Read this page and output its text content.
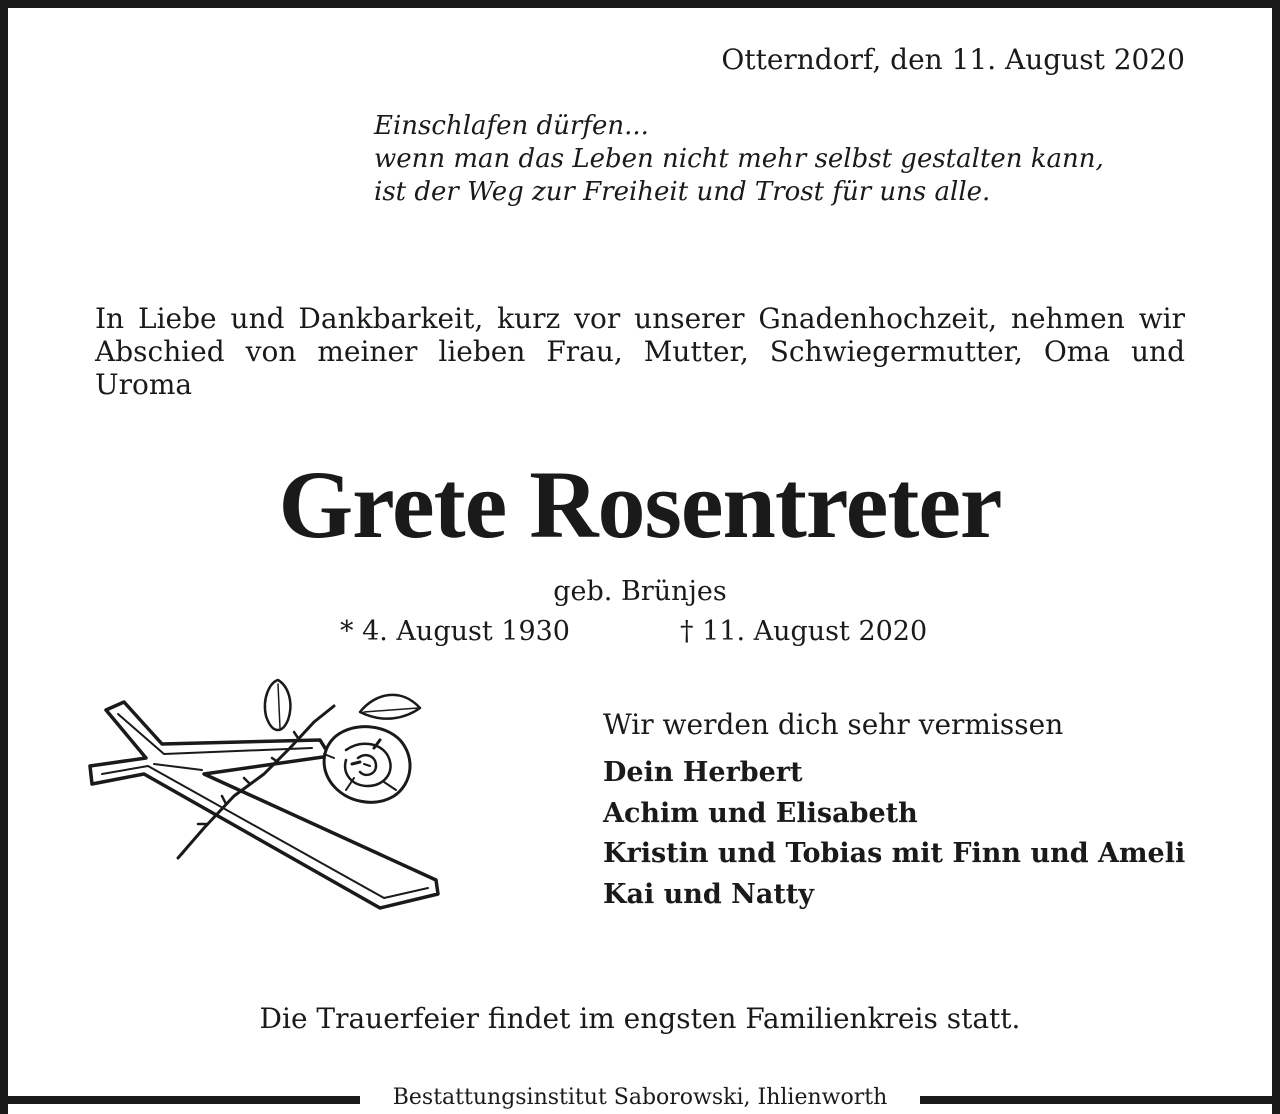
Otterndorf, den 11. August 2020
Einschlafen dürfen...
wenn man das Leben nicht mehr selbst gestalten kann,
ist der Weg zur Freiheit und Trost für uns alle.
In Liebe und Dankbarkeit, kurz vor unserer Gnadenhochzeit, nehmen wir Abschied von meiner lieben Frau, Mutter, Schwiegermutter, Oma und Uroma
Grete Rosentreter
geb. Brünjes
* 4. August 1930	† 11. August 2020
Wir werden dich sehr vermissen
Dein Herbert
Achim und Elisabeth
Kristin und Tobias mit Finn und Ameli
Kai und Natty
Die Trauerfeier findet im engsten Familienkreis statt.
Bestattungsinstitut Saborowski, Ihlienworth
